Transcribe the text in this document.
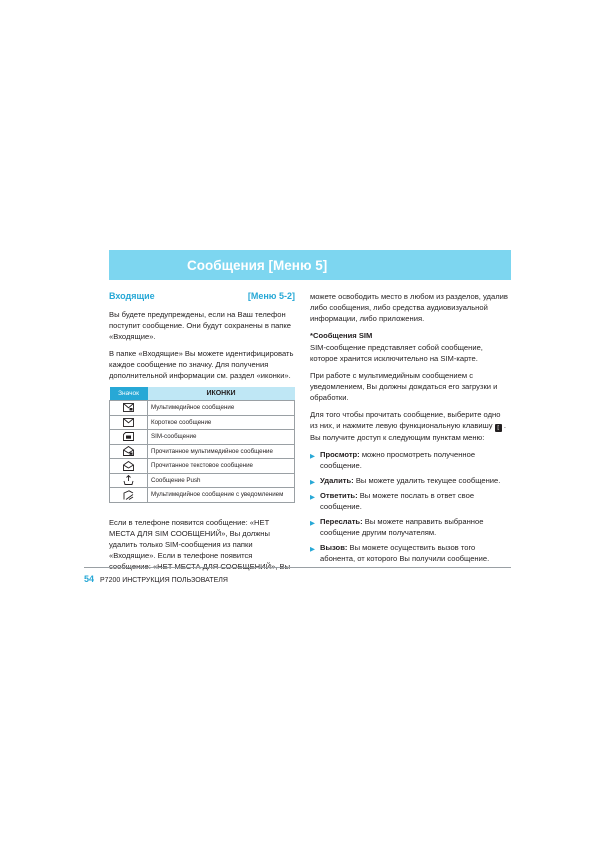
Сообщения [Меню 5]
Входящие	[Меню 5-2]

Вы будете предупреждены, если на Ваш телефон поступит сообщение. Они будут сохранены в папке «Входящие».

В папке «Входящие» Вы можете идентифицировать каждое сообщение по значку. Для получения дополнительной информации см. раздел «иконки».

Значок	ИКОНКИ
	Мультимедийное сообщение
	Короткое сообщение
	SIM-сообщение
	Прочитанное мультимедийное сообщение
	Прочитанное текстовое сообщение
	Сообщение Push
	Мультимедийное сообщение с уведомлением

Если в телефоне появится сообщение: «НЕТ МЕСТА ДЛЯ SIM СООБЩЕНИЙ», Вы должны удалить только SIM-сообщения из папки «Входящие». Если в телефоне появится сообщение: «НЕТ МЕСТА ДЛЯ СООБЩЕНИЙ», Вы

можете освободить место в любом из разделов, удалив либо сообщения, либо средства аудиовизуальной информации, либо приложения.

*Сообщения SIM

SIM-сообщение представляет собой сообщение, которое хранится исключительно на SIM-карте.

При работе с мультимедийным сообщением с уведомлением, Вы должны дождаться его загрузки и обработки.

Для того чтобы прочитать сообщение, выберите одно из них, и нажмите левую функциональную клавишу [ . Вы получите доступ к следующим пунктам меню:

▶ Просмотр: можно просмотреть полученное сообщение.

▶ Удалить: Вы можете удалить текущее сообщение.

▶ Ответить: Вы можете послать в ответ свое сообщение.

▶ Переслать: Вы можете направить выбранное сообщение другим получателям.

▶ Вызов: Вы можете осуществить вызов того абонента, от которого Вы получили сообщение.

54 P7200 ИНСТРУКЦИЯ ПОЛЬЗОВАТЕЛЯ
